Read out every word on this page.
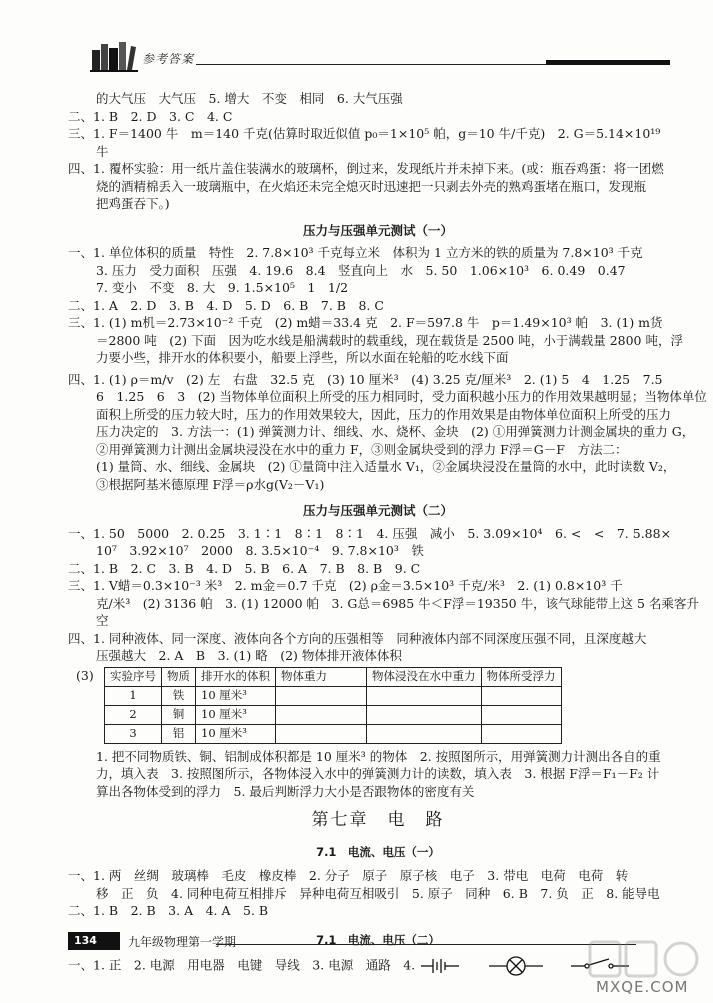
参考答案
的大气压　大气压　5. 增大　不变　相同　6. 大气压强
二、1. B　2. D　3. C　4. C
三、1. F＝1400 牛　m＝140 千克(估算时取近似值 p₀＝1×10⁵ 帕，g＝10 牛/千克)　2. G＝5.14×10¹⁹
牛
四、1. 覆杯实验：用一纸片盖住装满水的玻璃杯，倒过来，发现纸片并未掉下来。(或：瓶吞鸡蛋：将一团燃
烧的酒精棉丢入一玻璃瓶中，在火焰还未完全熄灭时迅速把一只剥去外壳的熟鸡蛋堵在瓶口，发现瓶
把鸡蛋吞下。)
压力与压强单元测试（一）
一、1. 单位体积的质量　特性　2. 7.8×10³ 千克每立米　体积为 1 立方米的铁的质量为 7.8×10³ 千克
3. 压力　受力面积　压强　 4. 19.6　8.4　竖直向上　水　5. 50　1.06×10³　6. 0.49　0.47
7. 变小　不变　8. 大　9. 1.5×10⁵　1　1/2
二、1. A　2. D　3. B　4. D　5. D　6. B　7. B　8. C
三、1. (1) m机＝2.73×10⁻² 千克　(2) m蜡＝33.4 克　2. F＝597.8 牛　p＝1.49×10³ 帕　3. (1) m货
＝2800 吨　(2) 下面　因为吃水线是船满载时的载重线，现在载货是 2500 吨，小于满载量 2800 吨，浮
力要小些，排开水的体积要小，船要上浮些，所以水面在轮船的吃水线下面
四、1. (1) ρ＝m/v　(2) 左　右盘　32.5 克　(3) 10 厘米³　(4) 3.25 克/厘米³　2. (1) 5　4　1.25　7.5
6　1.25　6　3　(2) 当物体单位面积上所受的压力相同时，受力面积越小压力的作用效果越明显；当物体单位
面积上所受的压力较大时，压力的作用效果较大，因此，压力的作用效果是由物体单位面积上所受的压力
压力决定的　3. 方法一：(1) 弹簧测力计、细线、水、烧杯、金块　(2) ①用弹簧测力计测金属块的重力 G，
②用弹簧测力计测出金属块浸没在水中的重力 F，③则金属块受到的浮力 F浮＝G－F　方法二：
(1) 量筒、水、细线、金属块　(2) ①量筒中注入适量水 V₁，②金属块浸没在量筒的水中，此时读数 V₂，
③根据阿基米德原理 F浮＝ρ水g(V₂－V₁)
压力与压强单元测试（二）
一、1. 50　5000　2. 0.25　3. 1∶1　8∶1　8∶1　4. 压强　减小　5. 3.09×10⁴　6. <　<　7. 5.88×
10⁷　3.92×10⁷　2000　8. 3.5×10⁻⁴　9. 7.8×10³　铁
二、1. B　2. C　3. B　4. D　5. B　6. A　7. B　8. B　9. C
三、1. V蜡＝0.3×10⁻³ 米³　2. m金＝0.7 千克　(2) ρ金＝3.5×10³ 千克/米³　2. (1) 0.8×10³ 千
克/米³　(2) 3136 帕　3. (1) 12000 帕　3. G总＝6985 牛＜F浮＝19350 牛，该气球能带上这 5 名乘客升
空
四、1. 同种液体、同一深度、液体向各个方向的压强相等　同种液体内部不同深度压强不同，且深度越大
压强越大　2. A　B　3. (1) 略　(2) 物体排开液体体积
(3) 实验序号	物质	排开水的体积	物体重力	物体浸没在水中重力	物体所受浮力
1	铁	10 厘米³			
2	铜	10 厘米³			
3	铝	10 厘米³			
1. 把不同物质铁、铜、铝制成体积都是 10 厘米³ 的物体　2. 按照图所示，用弹簧测力计测出各自的重
力，填入表　3. 按照图所示，各物体浸入水中的弹簧测力计的读数，填入表　3. 根据 F浮＝F₁－F₂ 计
算出各物体受到的浮力　5. 最后判断浮力大小是否跟物体的密度有关
第七章　电　路
7.1　电流、电压（一）
一、1. 两　丝绸　玻璃棒　毛皮　橡皮棒　2. 分子　原子　原子核　电子　3. 带电　电荷　电荷　转
移　正　负　4. 同种电荷互相排斥　异种电荷互相吸引　5. 原子　同种　6. B　7. 负　正　8. 能导电
二、1. B　2. B　3. A　4. A　5. B
7.1　电流、电压（二）
一、1. 正　2. 电源　用电器　电键　导线　3. 电源　通路　4.
134	九年级物理第一学期
MXQE.COM
